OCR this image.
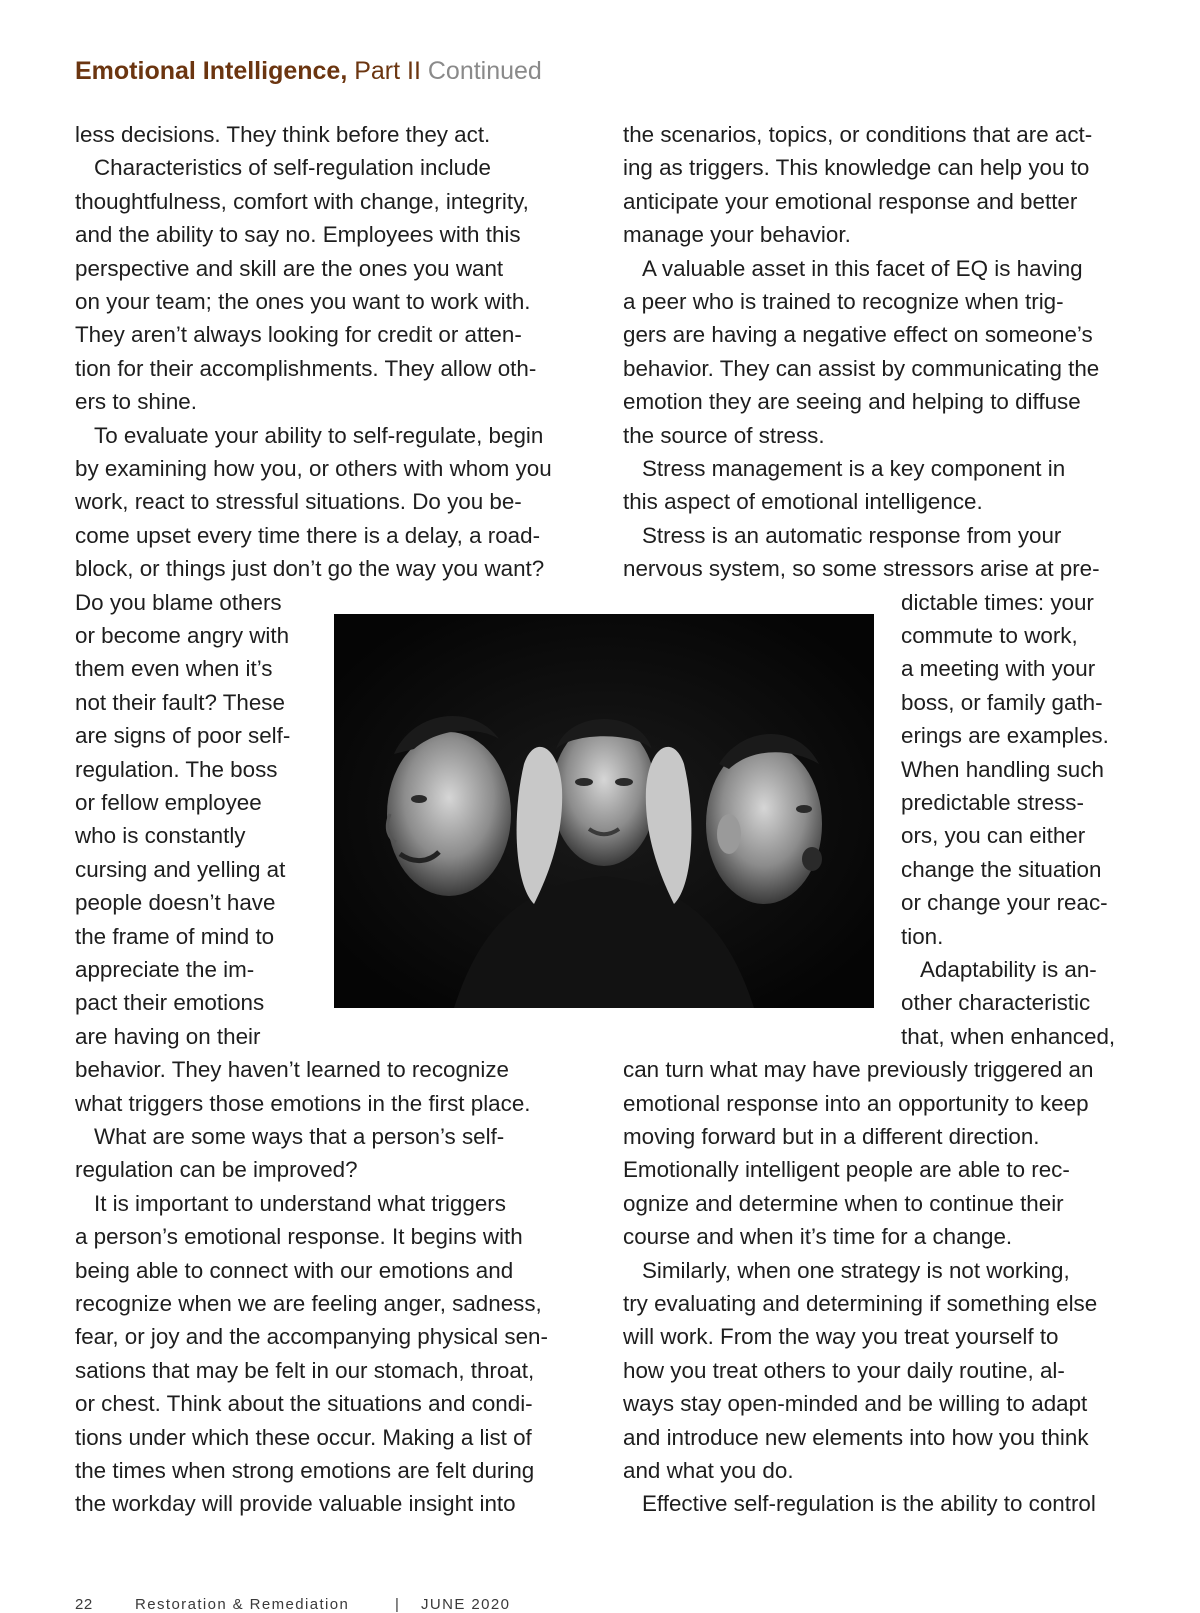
Emotional Intelligence, Part II Continued
less decisions. They think before they act.
Characteristics of self-regulation include
thoughtfulness, comfort with change, integrity,
and the ability to say no. Employees with this
perspective and skill are the ones you want
on your team; the ones you want to work with.
They aren’t always looking for credit or atten-
tion for their accomplishments. They allow oth-
ers to shine.
To evaluate your ability to self-regulate, begin
by examining how you, or others with whom you
work, react to stressful situations. Do you be-
come upset every time there is a delay, a road-
block, or things just don’t go the way you want?
Do you blame others
or become angry with
them even when it’s
not their fault? These
are signs of poor self-
regulation. The boss
or fellow employee
who is constantly
cursing and yelling at
people doesn’t have
the frame of mind to
appreciate the im-
pact their emotions
are having on their
behavior. They haven’t learned to recognize
what triggers those emotions in the first place.
What are some ways that a person’s self-
regulation can be improved?
It is important to understand what triggers
a person’s emotional response. It begins with
being able to connect with our emotions and
recognize when we are feeling anger, sadness,
fear, or joy and the accompanying physical sen-
sations that may be felt in our stomach, throat,
or chest. Think about the situations and condi-
tions under which these occur. Making a list of
the times when strong emotions are felt during
the workday will provide valuable insight into
the scenarios, topics, or conditions that are act-
ing as triggers. This knowledge can help you to
anticipate your emotional response and better
manage your behavior.
A valuable asset in this facet of EQ is having
a peer who is trained to recognize when trig-
gers are having a negative effect on someone’s
behavior. They can assist by communicating the
emotion they are seeing and helping to diffuse
the source of stress.
Stress management is a key component in
this aspect of emotional intelligence.
Stress is an automatic response from your
nervous system, so some stressors arise at pre-
dictable times: your
commute to work,
a meeting with your
boss, or family gath-
erings are examples.
When handling such
predictable stress-
ors, you can either
change the situation
or change your reac-
tion.
Adaptability is an-
other characteristic
that, when enhanced,
can turn what may have previously triggered an
emotional response into an opportunity to keep
moving forward but in a different direction.
Emotionally intelligent people are able to rec-
ognize and determine when to continue their
course and when it’s time for a change.
Similarly, when one strategy is not working,
try evaluating and determining if something else
will work. From the way you treat yourself to
how you treat others to your daily routine, al-
ways stay open-minded and be willing to adapt
and introduce new elements into how you think
and what you do.
Effective self-regulation is the ability to control
22	Restoration & Remediation	| JUNE 2020
